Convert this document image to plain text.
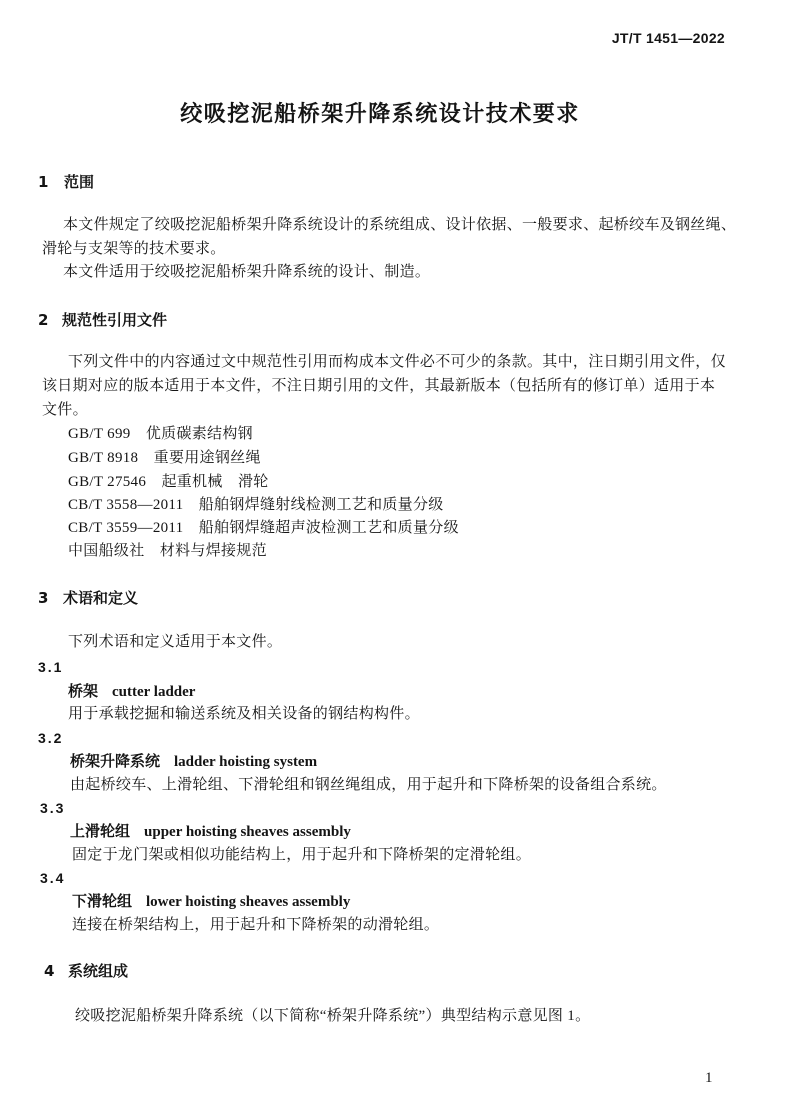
JT/T 1451—2022
绞吸挖泥船桥架升降系统设计技术要求
1 范围
本文件规定了绞吸挖泥船桥架升降系统设计的系统组成、设计依据、一般要求、起桥绞车及钢丝绳、
滑轮与支架等的技术要求。
本文件适用于绞吸挖泥船桥架升降系统的设计、制造。
2 规范性引用文件
下列文件中的内容通过文中规范性引用而构成本文件必不可少的条款。其中，注日期引用文件，仅
该日期对应的版本适用于本文件，不注日期引用的文件，其最新版本（包括所有的修订单）适用于本
文件。
GB/T 699　优质碳素结构钢
GB/T 8918　重要用途钢丝绳
GB/T 27546　起重机械　滑轮
CB/T 3558—2011　船舶钢焊缝射线检测工艺和质量分级
CB/T 3559—2011　船舶钢焊缝超声波检测工艺和质量分级
中国船级社　材料与焊接规范
3 术语和定义
下列术语和定义适用于本文件。
3.1
桥架 cutter ladder
用于承载挖掘和输送系统及相关设备的钢结构构件。
3.2
桥架升降系统 ladder hoisting system
由起桥绞车、上滑轮组、下滑轮组和钢丝绳组成，用于起升和下降桥架的设备组合系统。
3.3
上滑轮组 upper hoisting sheaves assembly
固定于龙门架或相似功能结构上，用于起升和下降桥架的定滑轮组。
3.4
下滑轮组 lower hoisting sheaves assembly
连接在桥架结构上，用于起升和下降桥架的动滑轮组。
4 系统组成
绞吸挖泥船桥架升降系统（以下简称“桥架升降系统”）典型结构示意见图 1。
1
